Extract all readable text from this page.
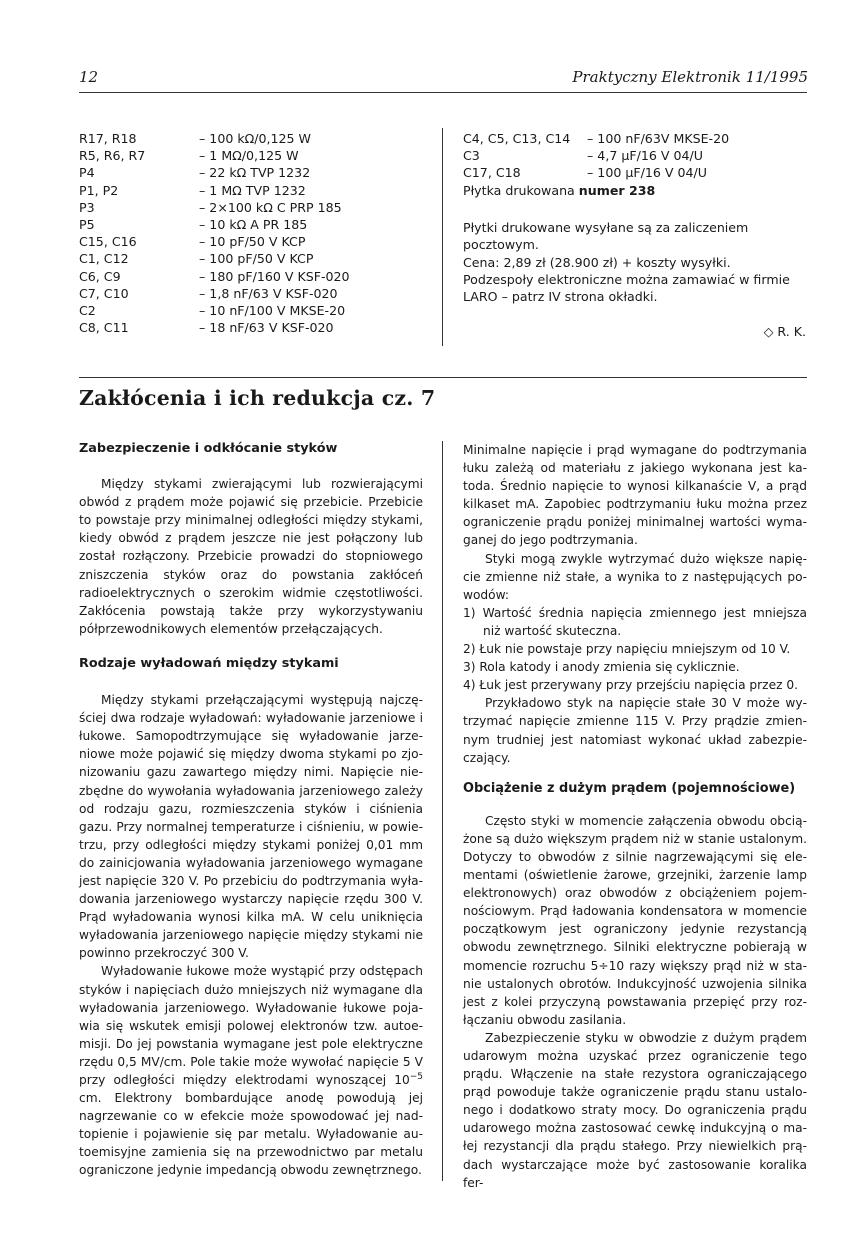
12	Praktyczny Elektronik 11/1995
R17, R18	– 100 kΩ/0,125 W
R5, R6, R7	– 1 MΩ/0,125 W
P4	– 22 kΩ TVP 1232
P1, P2	– 1 MΩ TVP 1232
P3	– 2×100 kΩ C PRP 185
P5	– 10 kΩ A PR 185
C15, C16	– 10 pF/50 V KCP
C1, C12	– 100 pF/50 V KCP
C6, C9	– 180 pF/160 V KSF-020
C7, C10	– 1,8 nF/63 V KSF-020
C2	– 10 nF/100 V MKSE-20
C8, C11	– 18 nF/63 V KSF-020
C4, C5, C13, C14	– 100 nF/63V MKSE-20
C3	– 4,7 μF/16 V 04/U
C17, C18	– 100 μF/16 V 04/U
Płytka drukowana numer 238
Płytki drukowane wysyłane są za zaliczeniem
pocztowym.
Cena: 2,89 zł (28.900 zł) + koszty wysyłki.
Podzespoły elektroniczne można zamawiać w firmie
LARO – patrz IV strona okładki.
◇ R. K.
Zakłócenia i ich redukcja cz. 7
Zabezpieczenie i odkłócanie styków

Między stykami zwierającymi lub rozwierającymi obwód z prądem może pojawić się przebicie. Przebicie to powstaje przy minimalnej odległości między stykami, kiedy obwód z prądem jeszcze nie jest połączony lub został rozłączony. Przebicie prowadzi do stopniowego zniszczenia styków oraz do powstania zakłóceń radioelektrycznych o szerokim widmie częstotliwości. Zakłócenia powstają także przy wykorzystywaniu półprzewodnikowych elementów przełączających.

Rodzaje wyładowań między stykami

Między stykami przełączającymi występują najczęściej dwa rodzaje wyładowań: wyładowanie jarzeniowe i łukowe. Samopodtrzymujące się wyładowanie jarzeniowe może pojawić się między dwoma stykami po zjonizowaniu gazu zawartego między nimi. Napięcie niezbędne do wywołania wyładowania jarzeniowego zależy od rodzaju gazu, rozmieszczenia styków i ciśnienia gazu. Przy normalnej temperaturze i ciśnieniu, w powietrzu, przy odległości między stykami poniżej 0,01 mm do zainicjowania wyładowania jarzeniowego wymagane jest napięcie 320 V. Po przebiciu do podtrzymania wyładowania jarzeniowego wystarczy napięcie rzędu 300 V. Prąd wyładowania wynosi kilka mA. W celu uniknięcia wyładowania jarzeniowego napięcie między stykami nie powinno przekroczyć 300 V.

Wyładowanie łukowe może wystąpić przy odstępach styków i napięciach dużo mniejszych niż wymagane dla wyładowania jarzeniowego. Wyładowanie łukowe pojawia się wskutek emisji polowej elektronów tzw. autoemisji. Do jej powstania wymagane jest pole elektryczne rzędu 0,5 MV/cm. Pole takie może wywołać napięcie 5 V przy odległości między elektrodami wynoszącej $10^{-5}$ cm. Elektrony bombardujące anodę powodują jej nagrzewanie co w efekcie może spowodować jej nadtopienie i pojawienie się par metalu. Wyładowanie autoemisyjne zamienia się na przewodnictwo par metalu ograniczone jedynie impedancją obwodu zewnętrznego.

Minimalne napięcie i prąd wymagane do podtrzymania łuku zależą od materiału z jakiego wykonana jest katoda. Średnio napięcie to wynosi kilkanaście V, a prąd kilkaset mA. Zapobiec podtrzymaniu łuku można przez ograniczenie prądu poniżej minimalnej wartości wymaganej do jego podtrzymania.

Styki mogą zwykle wytrzymać dużo większe napięcie zmienne niż stałe, a wynika to z następujących powodów:

1) Wartość średnia napięcia zmiennego jest mniejsza niż wartość skuteczna.
2) Łuk nie powstaje przy napięciu mniejszym od 10 V.
3) Rola katody i anody zmienia się cyklicznie.
4) Łuk jest przerywany przy przejściu napięcia przez 0.

Przykładowo styk na napięcie stałe 30 V może wytrzymać napięcie zmienne 115 V. Przy prądzie zmiennym trudniej jest natomiast wykonać układ zabezpieczający.

Obciążenie z dużym prądem (pojemnościowe)

Często styki w momencie załączenia obwodu obciążone są dużo większym prądem niż w stanie ustalonym. Dotyczy to obwodów z silnie nagrzewającymi się elementami (oświetlenie żarowe, grzejniki, żarzenie lamp elektronowych) oraz obwodów z obciążeniem pojemnościowym. Prąd ładowania kondensatora w momencie początkowym jest ograniczony jedynie rezystancją obwodu zewnętrznego. Silniki elektryczne pobierają w momencie rozruchu 5÷10 razy większy prąd niż w stanie ustalonych obrotów. Indukcyjność uzwojenia silnika jest z kolei przyczyną powstawania przepięć przy rozłączaniu obwodu zasilania.

Zabezpieczenie styku w obwodzie z dużym prądem udarowym można uzyskać przez ograniczenie tego prądu. Włączenie na stałe rezystora ograniczającego prąd powoduje także ograniczenie prądu stanu ustalonego i dodatkowo straty mocy. Do ograniczenia prądu udarowego można zastosować cewkę indukcyjną o małej rezystancji dla prądu stałego. Przy niewielkich prądach wystarczające może być zastosowanie koralika fer-
